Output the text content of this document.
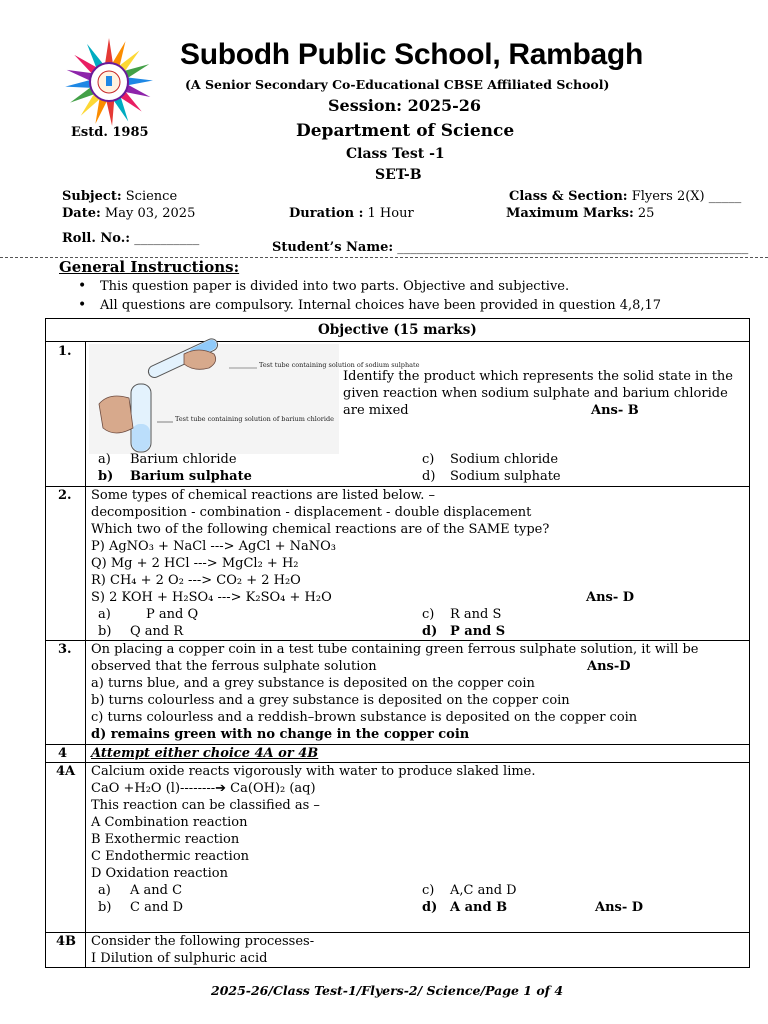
Subodh Public School, Rambagh
(A Senior Secondary Co-Educational CBSE Affiliated School)
Session: 2025-26
Estd. 1985	Department of Science
Class Test -1
SET-B
Subject: Science	Class & Section: Flyers 2(X) _____
Date: May 03, 2025	Duration : 1 Hour	Maximum Marks: 25
Roll. No.: __________
Student’s Name: ______________________________________________________
General Instructions:
• This question paper is divided into two parts. Objective and subjective.
• All questions are compulsory. Internal choices have been provided in question 4,8,17
Objective (15 marks)
1.
Test tube containing solution of sodium sulphate
Test tube containing solution of barium chloride
Identify the product which represents the solid state in the
given reaction when sodium sulphate and barium chloride
are mixed	Ans- B
a) Barium chloride
b) Barium sulphate
c) Sodium chloride
d) Sodium sulphate
2. Some types of chemical reactions are listed below. –
decomposition - combination - displacement - double displacement
Which two of the following chemical reactions are of the SAME type?
P) AgNO₃ + NaCl ---> AgCl + NaNO₃
Q) Mg + 2 HCl ---> MgCl₂ + H₂
R) CH₄ + 2 O₂ ---> CO₂ + 2 H₂O
S) 2 KOH + H₂SO₄ ---> K₂SO₄ + H₂O	Ans- D
a)	P and Q
b) Q and R
c) R and S
d) P and S
3. On placing a copper coin in a test tube containing green ferrous sulphate solution, it will be
observed that the ferrous sulphate solution	Ans-D
a) turns blue, and a grey substance is deposited on the copper coin
b) turns colourless and a grey substance is deposited on the copper coin
c) turns colourless and a reddish–brown substance is deposited on the copper coin
d) remains green with no change in the copper coin
4 Attempt either choice 4A or 4B
4A Calcium oxide reacts vigorously with water to produce slaked lime.
CaO +H₂O (l)--------➔ Ca(OH)₂ (aq)
This reaction can be classified as –
A Combination reaction
B Exothermic reaction
C Endothermic reaction
D Oxidation reaction
a) A and C
b) C and D
c) A,C and D
d) A and B	Ans- D
4B Consider the following processes-
I Dilution of sulphuric acid
2025-26/Class Test-1/Flyers-2/ Science/Page 1 of 4
